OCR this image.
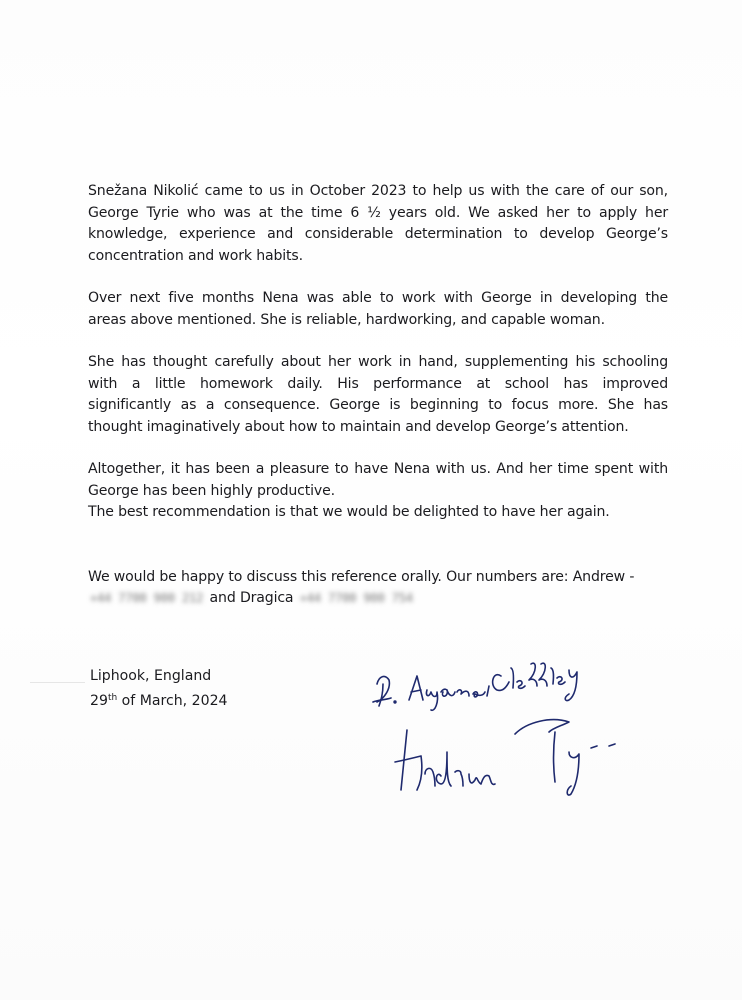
Snežana Nikolić came to us in October 2023 to help us with the care of our son,
George Tyrie who was at the time 6 ½ years old. We asked her to apply her
knowledge, experience and considerable determination to develop George’s
concentration and work habits.

Over next five months Nena was able to work with George in developing the
areas above mentioned. She is reliable, hardworking, and capable woman.

She has thought carefully about her work in hand, supplementing his schooling
with a little homework daily. His performance at school has improved
significantly as a consequence. George is beginning to focus more. She has
thought imaginatively about how to maintain and develop George’s attention.

Altogether, it has been a pleasure to have Nena with us. And her time spent with
George has been highly productive.

The best recommendation is that we would be delighted to have her again.

We would be happy to discuss this reference orally. Our numbers are: Andrew -
+44 7700 900 212 and Dragica +44 7700 900 754

Liphook, England
29th of March, 2024
